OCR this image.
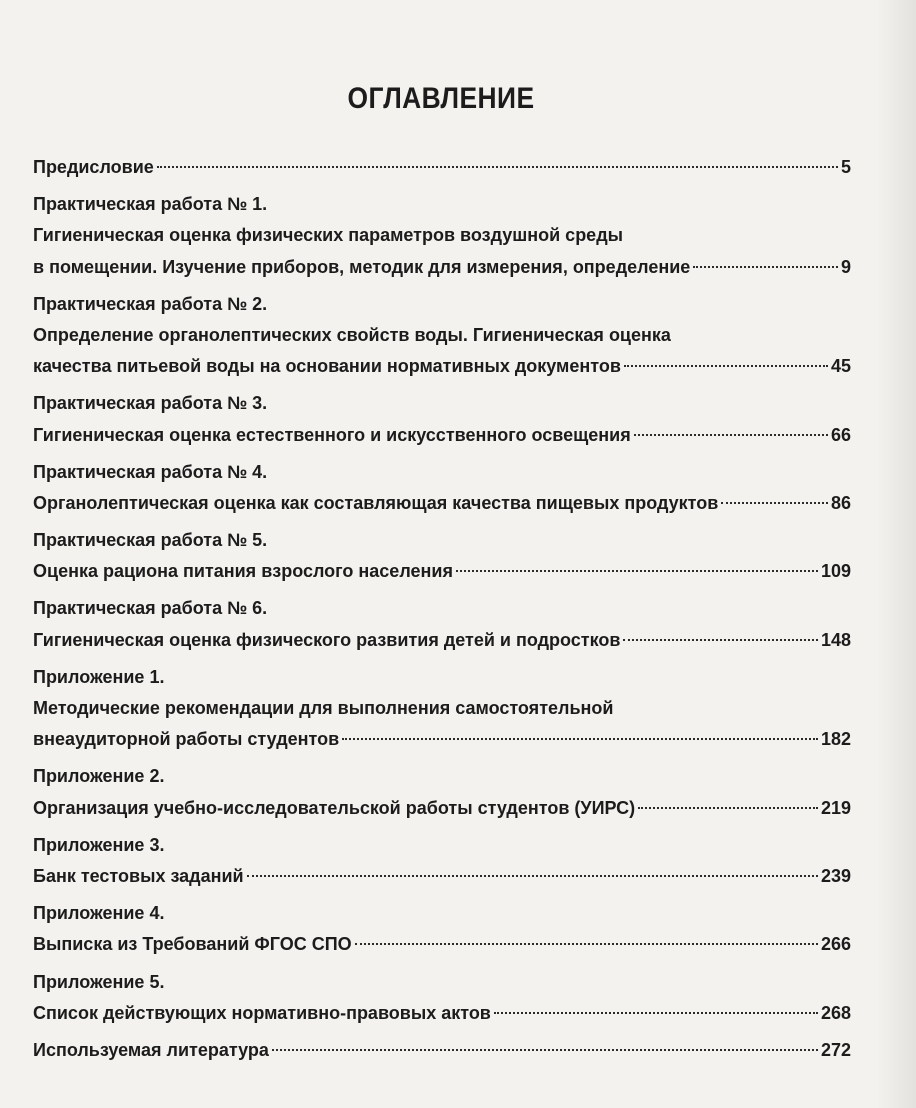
ОГЛАВЛЕНИЕ
Предисловие	5
Практическая работа № 1.
Гигиеническая оценка физических параметров воздушной среды
в помещении. Изучение приборов, методик для измерения, определение	9
Практическая работа № 2.
Определение органолептических свойств воды. Гигиеническая оценка
качества питьевой воды на основании нормативных документов	45
Практическая работа № 3.
Гигиеническая оценка естественного и искусственного освещения	66
Практическая работа № 4.
Органолептическая оценка как составляющая качества пищевых продуктов	86
Практическая работа № 5.
Оценка рациона питания взрослого населения	109
Практическая работа № 6.
Гигиеническая оценка физического развития детей и подростков	148
Приложение 1.
Методические рекомендации для выполнения самостоятельной
внеаудиторной работы студентов	182
Приложение 2.
Организация учебно-исследовательской работы студентов (УИРС)	219
Приложение 3.
Банк тестовых заданий	239
Приложение 4.
Выписка из Требований ФГОС СПО	266
Приложение 5.
Список действующих нормативно-правовых актов	268
Используемая литература	272
